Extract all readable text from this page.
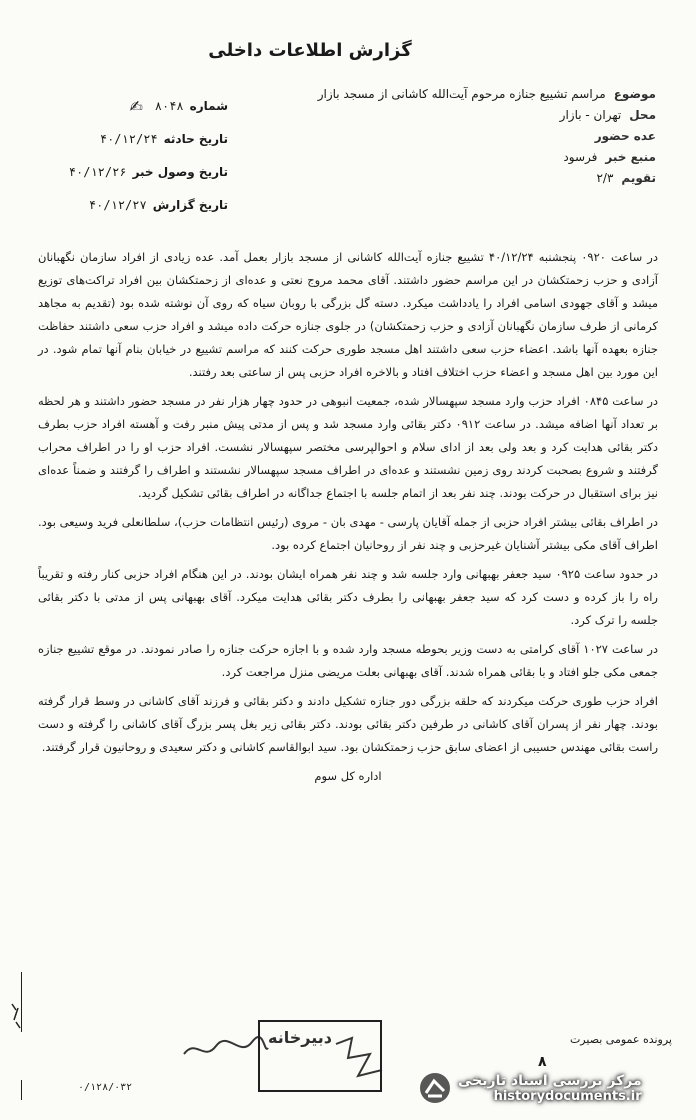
گزارش اطلاعات داخلی
موضوع
مراسم تشییع جنازه مرحوم آیت‌الله کاشانی از مسجد بازار
محل
تهران - بازار
عده حضور
منبع خبر
فرسود
تقویم
۲/۳
شماره
۸۰۴۸
✍
تاریخ حادثه
۴۰/۱۲/۲۴
تاریخ وصول خبر
۴۰/۱۲/۲۶
تاریخ گزارش
۴۰/۱۲/۲۷

در ساعت ۰۹۲۰ پنجشنبه ۴۰/۱۲/۲۴ تشییع جنازه آیت‌الله کاشانی از مسجد بازار بعمل آمد. عده زیادی از افراد سازمان نگهبانان آزادی و حزب زحمتکشان در این مراسم حضور داشتند. آقای محمد مروج نعتی و عده‌ای از زحمتکشان بین افراد تراکت‌های توزیع میشد و آقای جهودی اسامی افراد را یادداشت میکرد. دسته گل بزرگی با روبان سیاه که روی آن نوشته شده بود (تقدیم به مجاهد کرمانی از طرف سازمان نگهبانان آزادی و حزب زحمتکشان) در جلوی جنازه حرکت داده میشد و افراد حزب سعی داشتند حفاظت جنازه بعهده آنها باشد. اعضاء حزب سعی داشتند اهل مسجد طوری حرکت کنند که مراسم تشییع در خیابان بنام آنها تمام شود. در این مورد بین اهل مسجد و اعضاء حزب اختلاف افتاد و بالاخره افراد حزبی پس از ساعتی بعد رفتند.

در ساعت ۰۸۴۵ افراد حزب وارد مسجد سپهسالار شده، جمعیت انبوهی در حدود چهار هزار نفر در مسجد حضور داشتند و هر لحظه بر تعداد آنها اضافه میشد. در ساعت ۰۹۱۲ دکتر بقائی وارد مسجد شد و پس از مدتی پیش منبر رفت و آهسته افراد حزب بطرف دکتر بقائی هدایت کرد و بعد ولی بعد از ادای سلام و احوالپرسی مختصر سپهسالار نشست. افراد حزب او را در اطراف محراب گرفتند و شروع بصحبت کردند روی زمین نشستند و عده‌ای در اطراف مسجد سپهسالار نشستند و اطراف را گرفتند و ضمناً عده‌ای نیز برای استقبال در حرکت بودند. چند نفر بعد از اتمام جلسه با اجتماع جداگانه در اطراف بقائی تشکیل گردید.

در اطراف بقائی بیشتر افراد حزبی از جمله آقایان پارسی - مهدی بان - مروی (رئیس انتظامات حزب)، سلطانعلی فرید وسیعی بود. اطراف آقای مکی بیشتر آشنایان غیرحزبی و چند نفر از روحانیان اجتماع کرده بود.

در حدود ساعت ۰۹۲۵ سید جعفر بهبهانی وارد جلسه شد و چند نفر همراه ایشان بودند. در این هنگام افراد حزبی کنار رفته و تقریباً راه را باز کرده و دست کرد که سید جعفر بهبهانی را بطرف دکتر بقائی هدایت میکرد. آقای بهبهانی پس از مدتی با دکتر بقائی جلسه را ترک کرد.

در ساعت ۱۰۲۷ آقای کرامتی به دست وزیر بحوطه مسجد وارد شده و با اجازه حرکت جنازه را صادر نمودند. در موقع تشییع جنازه جمعی مکی جلو افتاد و با بقائی همراه شدند. آقای بهبهانی بعلت مریضی منزل مراجعت کرد.

افراد حزب طوری حرکت میکردند که حلقه بزرگی دور جنازه تشکیل دادند و دکتر بقائی و فرزند آقای کاشانی در وسط قرار گرفته بودند. چهار نفر از پسران آقای کاشانی در طرفین دکتر بقائی بودند. دکتر بقائی زیر بغل پسر بزرگ آقای کاشانی را گرفته و دست راست بقائی مهندس حسیبی از اعضای سابق حزب زحمتکشان بود. سید ابوالقاسم کاشانی و دکتر سعیدی و روحانیون قرار گرفتند.

اداره کل سوم

دبیرخانه	پرونده عمومی بصیرت
۸
۰/۱۲۸/۰۳۲	مرکز بررسی اسناد تاریخی
historydocuments.ir
